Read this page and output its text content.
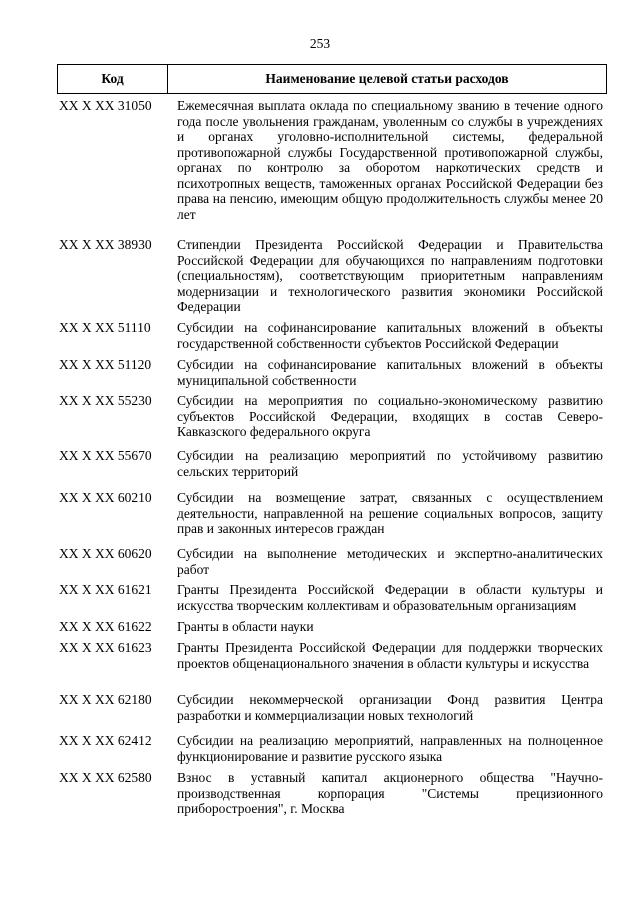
253
Код	Наименование целевой статьи расходов
XX X XX 31050	Ежемесячная выплата оклада по специальному званию в течение одного года после увольнения гражданам, уволенным со службы в учреждениях и органах уголовно-исполнительной системы, федеральной противопожарной службы Государственной противопожарной службы, органах по контролю за оборотом наркотических средств и психотропных веществ, таможенных органах Российской Федерации без права на пенсию, имеющим общую продолжительность службы менее 20 лет
XX X XX 38930	Стипендии Президента Российской Федерации и Правительства Российской Федерации для обучающихся по направлениям подготовки (специальностям), соответствующим приоритетным направлениям модернизации и технологического развития экономики Российской Федерации
XX X XX 51110	Субсидии на софинансирование капитальных вложений в объекты государственной собственности субъектов Российской Федерации
XX X XX 51120	Субсидии на софинансирование капитальных вложений в объекты муниципальной собственности
XX X XX 55230	Субсидии на мероприятия по социально-экономическому развитию субъектов Российской Федерации, входящих в состав Северо-Кавказского федерального округа
XX X XX 55670	Субсидии на реализацию мероприятий по устойчивому развитию сельских территорий
XX X XX 60210	Субсидии на возмещение затрат, связанных с осуществлением деятельности, направленной на решение социальных вопросов, защиту прав и законных интересов граждан
XX X XX 60620	Субсидии на выполнение методических и экспертно-аналитических работ
XX X XX 61621	Гранты Президента Российской Федерации в области культуры и искусства творческим коллективам и образовательным организациям
XX X XX 61622	Гранты в области науки
XX X XX 61623	Гранты Президента Российской Федерации для поддержки творческих проектов общенационального значения в области культуры и искусства
XX X XX 62180	Субсидии некоммерческой организации Фонд развития Центра разработки и коммерциализации новых технологий
XX X XX 62412	Субсидии на реализацию мероприятий, направленных на полноценное функционирование и развитие русского языка
XX X XX 62580	Взнос в уставный капитал акционерного общества "Научно-производственная корпорация "Системы прецизионного приборостроения", г. Москва
